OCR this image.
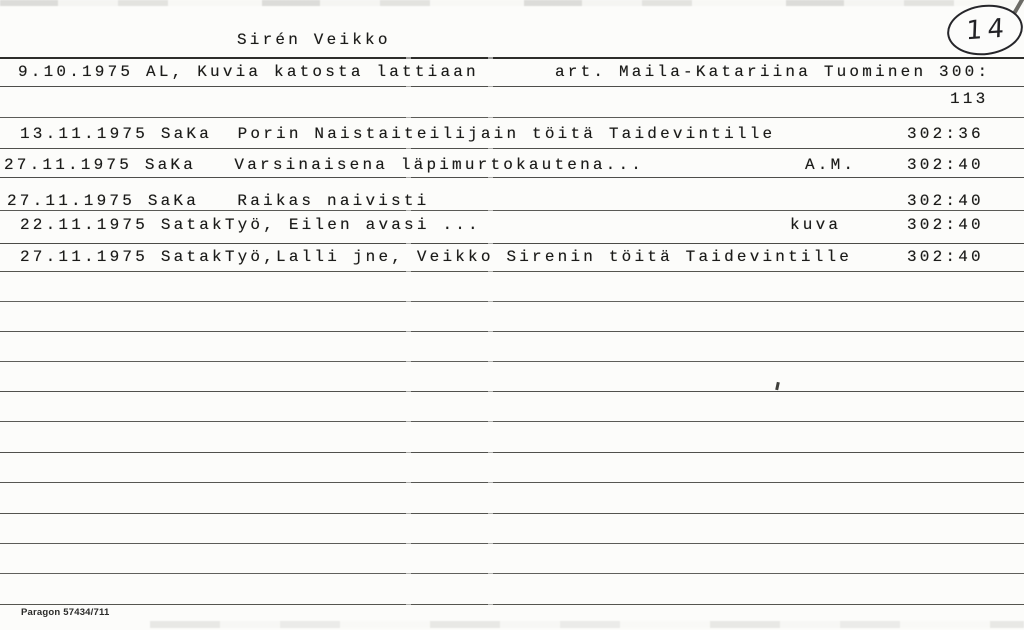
14
Sirén Veikko
9.10.1975 AL, Kuvia katosta lattiaan	art. Maila-Katariina Tuominen 300:
113
13.11.1975 SaKa  Porin Naistaiteilijain töitä Taidevintille	302:36
27.11.1975 SaKa   Varsinaisena läpimurtokautena...	A.M.	302:40
27.11.1975 SaKa   Raikas naivisti	302:40
22.11.1975 SatakTyö, Eilen avasi ...	kuva	302:40
27.11.1975 SatakTyö,Lalli jne, Veikko Sirenin töitä Taidevintille	302:40
Paragon 57434/711
